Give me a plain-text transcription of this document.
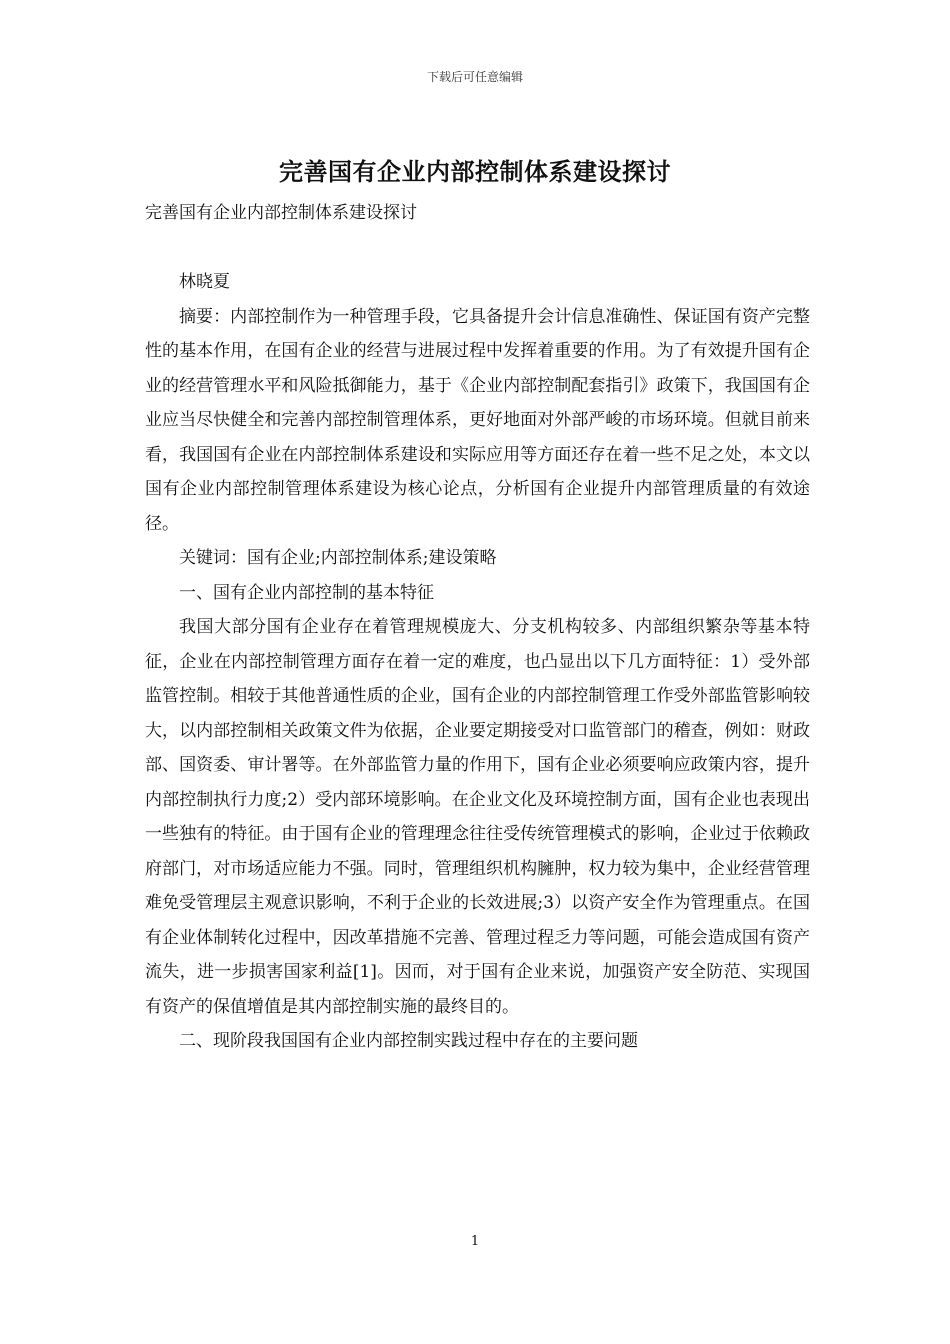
下载后可任意编辑
完善国有企业内部控制体系建设探讨

完善国有企业内部控制体系建设探讨

林晓夏

摘要：内部控制作为一种管理手段，它具备提升会计信息准确性、保证国有资产完整性的基本作用，在国有企业的经营与进展过程中发挥着重要的作用。为了有效提升国有企业的经营管理水平和风险抵御能力，基于《企业内部控制配套指引》政策下，我国国有企业应当尽快健全和完善内部控制管理体系，更好地面对外部严峻的市场环境。但就目前来看，我国国有企业在内部控制体系建设和实际应用等方面还存在着一些不足之处，本文以国有企业内部控制管理体系建设为核心论点，分析国有企业提升内部管理质量的有效途径。

关键词：国有企业;内部控制体系;建设策略

一、国有企业内部控制的基本特征

我国大部分国有企业存在着管理规模庞大、分支机构较多、内部组织繁杂等基本特征，企业在内部控制管理方面存在着一定的难度，也凸显出以下几方面特征：1）受外部监管控制。相较于其他普通性质的企业，国有企业的内部控制管理工作受外部监管影响较大，以内部控制相关政策文件为依据，企业要定期接受对口监管部门的稽查，例如：财政部、国资委、审计署等。在外部监管力量的作用下，国有企业必须要响应政策内容，提升内部控制执行力度;2）受内部环境影响。在企业文化及环境控制方面，国有企业也表现出一些独有的特征。由于国有企业的管理理念往往受传统管理模式的影响，企业过于依赖政府部门，对市场适应能力不强。同时，管理组织机构臃肿，权力较为集中，企业经营管理难免受管理层主观意识影响，不利于企业的长效进展;3）以资产安全作为管理重点。在国有企业体制转化过程中，因改革措施不完善、管理过程乏力等问题，可能会造成国有资产流失，进一步损害国家利益[1]。因而，对于国有企业来说，加强资产安全防范、实现国有资产的保值增值是其内部控制实施的最终目的。

二、现阶段我国国有企业内部控制实践过程中存在的主要问题

1
